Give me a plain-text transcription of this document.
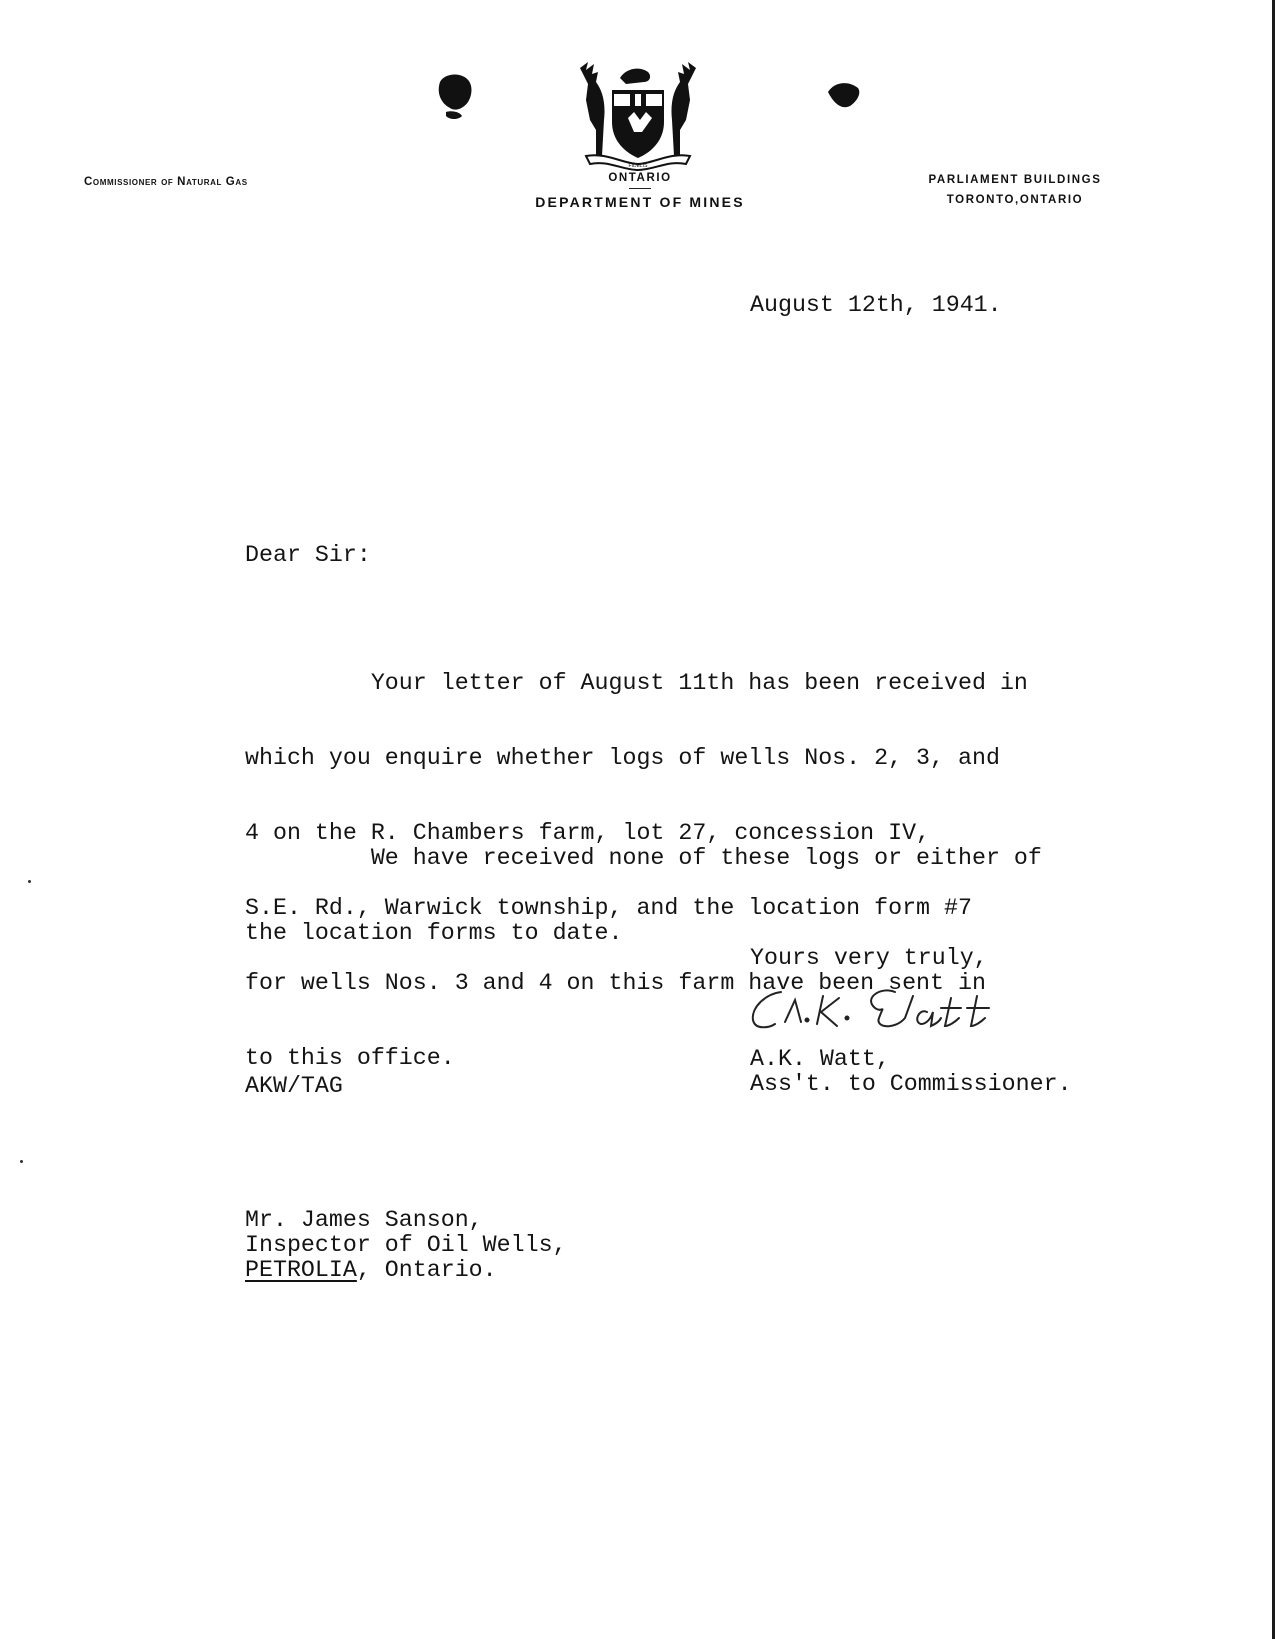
Commissioner of Natural Gas
FIDELIS
ONTARIO
DEPARTMENT OF MINES
PARLIAMENT BUILDINGS
TORONTO,ONTARIO
August 12th, 1941.
Dear Sir:

Your letter of August 11th has been received in

which you enquire whether logs of wells Nos. 2, 3, and

4 on the R. Chambers farm, lot 27, concession IV,

S.E. Rd., Warwick township, and the location form #7

for wells Nos. 3 and 4 on this farm have been sent in

to this office.

We have received none of these logs or either of

the location forms to date.

Yours very truly,
A.K. Watt,
Ass't. to Commissioner.
AKW/TAG
Mr. James Sanson,
Inspector of Oil Wells,
PETROLIA, Ontario.
